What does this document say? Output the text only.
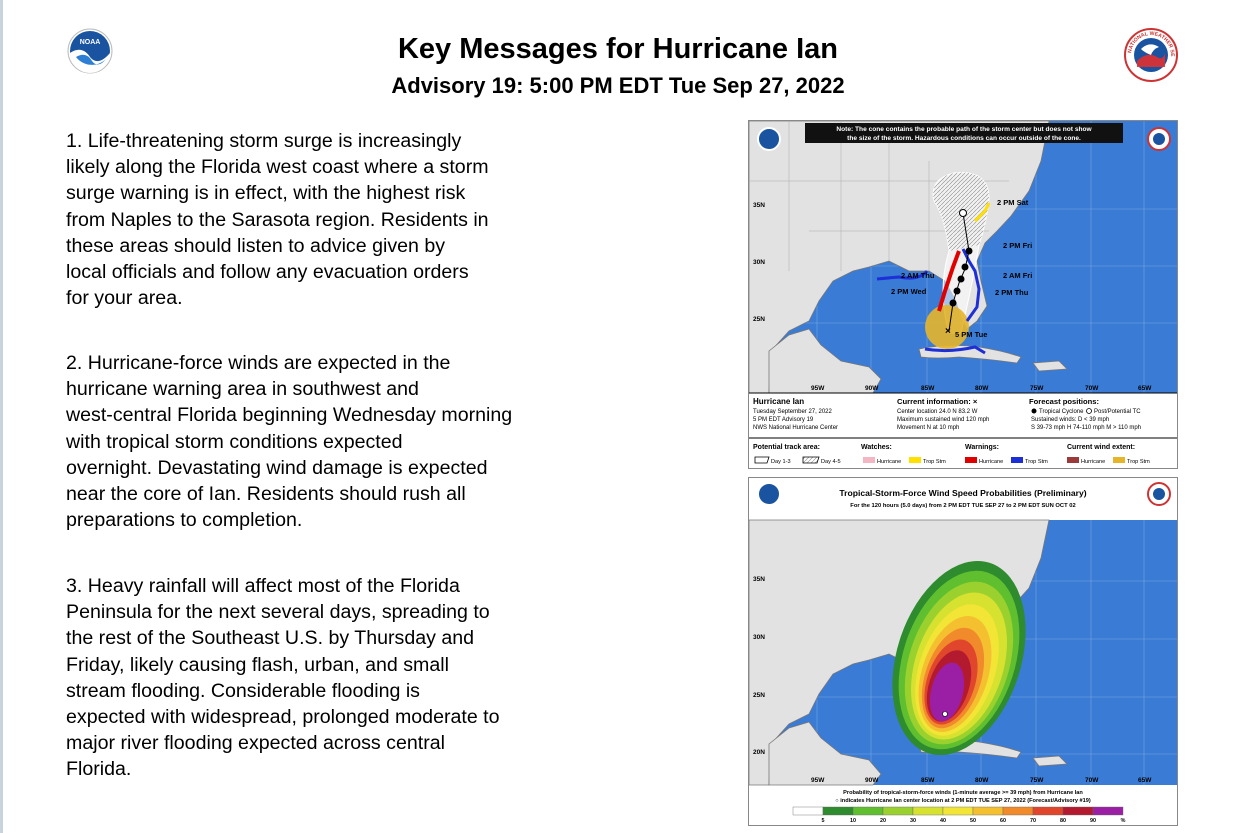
NOAA
NATIONAL WEATHER SE
Key Messages for Hurricane Ian
Advisory 19: 5:00 PM EDT Tue Sep 27, 2022

1. Life-threatening storm surge is increasingly
likely along the Florida west coast where a storm
surge warning is in effect, with the highest risk
from Naples to the Sarasota region. Residents in
these areas should listen to advice given by
local officials and follow any evacuation orders
for your area.

2. Hurricane-force winds are expected in the
hurricane warning area in southwest and
west-central Florida beginning Wednesday morning
with tropical storm conditions expected
overnight. Devastating wind damage is expected
near the core of Ian. Residents should rush all
preparations to completion.

3. Heavy rainfall will affect most of the Florida
Peninsula for the next several days, spreading to
the rest of the Southeast U.S. by Thursday and
Friday, likely causing flash, urban, and small
stream flooding. Considerable flooding is
expected with widespread, prolonged moderate to
major river flooding expected across central
Florida.

×
2 PM Sat
2 PM Fri
2 AM Fri
2 AM Thu
2 PM Thu
2 PM Wed
5 PM Tue
35N
30N
25N
95W	90W	85W	80W	75W	70W	65W
Note: The cone contains the probable path of the storm center but does not show
the size of the storm. Hazardous conditions can occur outside of the cone.
Hurricane Ian
Tuesday September 27, 2022
5 PM EDT Advisory 19
NWS National Hurricane Center
Current information: ×
Center location 24.0 N 83.2 W
Maximum sustained wind 120 mph
Movement N at 10 mph
Forecast positions:
Tropical Cyclone Post/Potential TC
Sustained winds: D < 39 mph
S 39-73 mph H 74-110 mph M > 110 mph
Potential track area:
Day 1-3	Day 4-5
Watches:
Hurricane	Trop Stm
Warnings:
Hurricane	Trop Stm
Current wind extent:
Hurricane	Trop Stm
35N
30N
25N
20N
95W	90W	85W	80W	75W	70W	65W
Tropical-Storm-Force Wind Speed Probabilities (Preliminary)
For the 120 hours (5.0 days) from 2 PM EDT TUE SEP 27 to 2 PM EDT SUN OCT 02
Probability of tropical-storm-force winds (1-minute average >= 39 mph) from Hurricane Ian
○ indicates Hurricane Ian center location at 2 PM EDT TUE SEP 27, 2022 (Forecast/Advisory #19)
5	10	20	30	40	50	60	70	80	90	%
